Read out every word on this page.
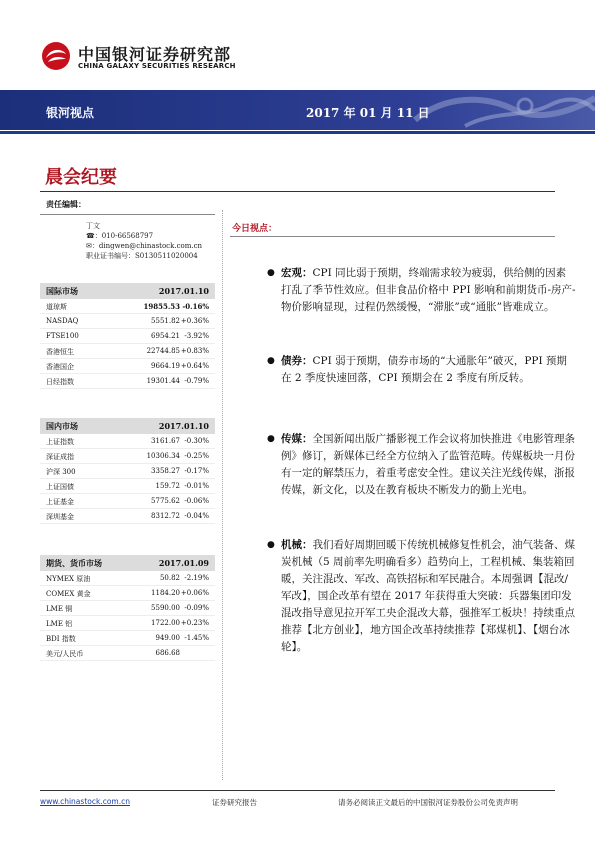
中国银河证券研究部
CHINA GALAXY SECURITIES RESEARCH
银河视点	2017 年 01 月 11 日
晨会纪要
责任编辑：
丁文
☎：010-66568797
✉：dingwen@chinastock.com.cn
职业证书编号：S0130511020004
国际市场	2017.01.10
道琼斯	19855.53 -0.16%
NASDAQ	5551.82 +0.36%
FTSE100	6954.21 -3.92%
香港恒生	22744.85 +0.83%
香港国企	9664.19 +0.64%
日经指数	19301.44 -0.79%
国内市场	2017.01.10
上证指数	3161.67 -0.30%
深证成指	10306.34 -0.25%
沪深 300	3358.27 -0.17%
上证国债	159.72 -0.01%
上证基金	5775.62 -0.06%
深圳基金	8312.72 -0.04%
期货、货币市场	2017.01.09
NYMEX 原油	50.82 -2.19%
COMEX 黄金	1184.20 +0.06%
LME 铜	5590.00 -0.09%
LME 铝	1722.00 +0.23%
BDI 指数	949.00 -1.45%
美元/人民币	686.68
今日视点：
● 宏观：CPI 同比弱于预期，终端需求较为疲弱，供给侧的因素打乱了季节性效应。但非食品价格中 PPI 影响和前期货币-房产-物价影响显现，过程仍然缓慢，“滞胀”或“通胀”皆难成立。
● 债券：CPI 弱于预期，债券市场的“大通胀年”破灭，PPI 预期在 2 季度快速回落，CPI 预期会在 2 季度有所反转。
● 传媒：全国新闻出版广播影视工作会议将加快推进《电影管理条例》修订，新媒体已经全方位纳入了监管范畴。传媒板块一月份有一定的解禁压力，着重考虑安全性。建议关注光线传媒，浙报传媒，新文化，以及在教育板块不断发力的勤上光电。
● 机械：我们看好周期回暖下传统机械修复性机会，油气装备、煤炭机械（5 周前率先明确看多）趋势向上，工程机械、集装箱回暖，关注混改、军改、高铁招标和军民融合。本周强调【混改/军改】，国企改革有望在 2017 年获得重大突破：兵器集团印发混改指导意见拉开军工央企混改大幕，强推军工板块！持续重点推荐【北方创业】，地方国企改革持续推荐【郑煤机】、【烟台冰轮】。
www.chinastock.com.cn	证券研究报告	请务必阅读正文最后的中国银河证券股份公司免责声明
